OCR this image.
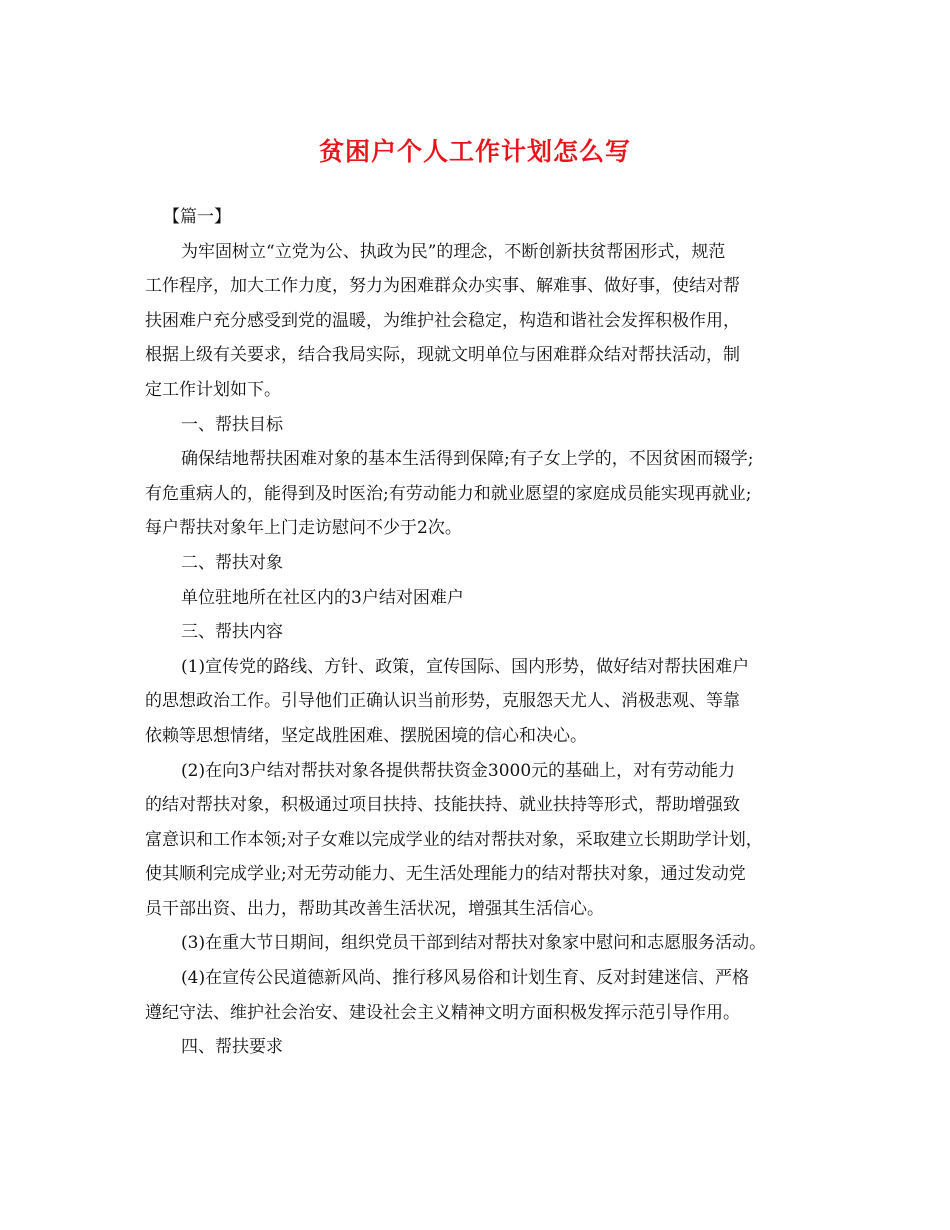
贫困户个人工作计划怎么写
【篇一】
为牢固树立“立党为公、执政为民”的理念，不断创新扶贫帮困形式，规范
工作程序，加大工作力度，努力为困难群众办实事、解难事、做好事，使结对帮
扶困难户充分感受到党的温暖，为维护社会稳定，构造和谐社会发挥积极作用，
根据上级有关要求，结合我局实际，现就文明单位与困难群众结对帮扶活动，制
定工作计划如下。
一、帮扶目标
确保结地帮扶困难对象的基本生活得到保障;有子女上学的，不因贫困而辍学;
有危重病人的，能得到及时医治;有劳动能力和就业愿望的家庭成员能实现再就业;
每户帮扶对象年上门走访慰问不少于2次。
二、帮扶对象
单位驻地所在社区内的3户结对困难户
三、帮扶内容
(1)宣传党的路线、方针、政策，宣传国际、国内形势，做好结对帮扶困难户
的思想政治工作。引导他们正确认识当前形势，克服怨天尤人、消极悲观、等靠
依赖等思想情绪，坚定战胜困难、摆脱困境的信心和决心。
(2)在向3户结对帮扶对象各提供帮扶资金3000元的基础上，对有劳动能力
的结对帮扶对象，积极通过项目扶持、技能扶持、就业扶持等形式，帮助增强致
富意识和工作本领;对子女难以完成学业的结对帮扶对象，采取建立长期助学计划，
使其顺利完成学业;对无劳动能力、无生活处理能力的结对帮扶对象，通过发动党
员干部出资、出力，帮助其改善生活状况，增强其生活信心。
(3)在重大节日期间，组织党员干部到结对帮扶对象家中慰问和志愿服务活动。
(4)在宣传公民道德新风尚、推行移风易俗和计划生育、反对封建迷信、严格
遵纪守法、维护社会治安、建设社会主义精神文明方面积极发挥示范引导作用。
四、帮扶要求
